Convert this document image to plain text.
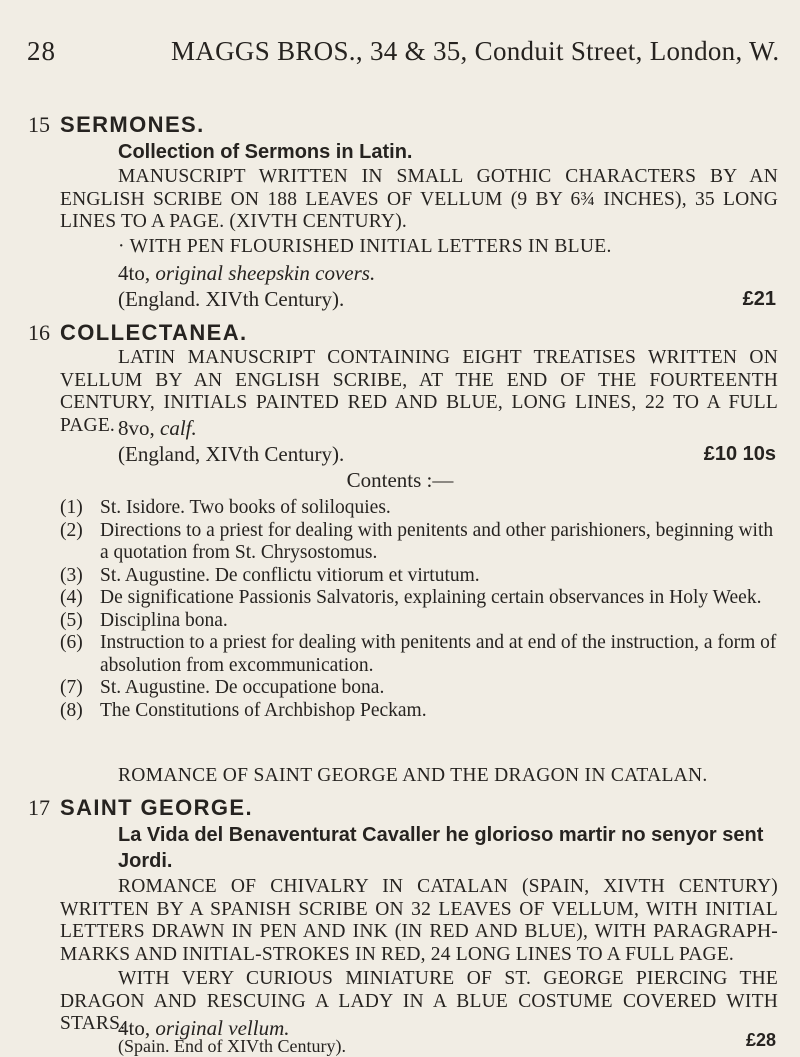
28	MAGGS BROS., 34 & 35, Conduit Street, London, W.
15 SERMONES.
Collection of Sermons in Latin.
MANUSCRIPT WRITTEN IN SMALL GOTHIC CHARACTERS BY AN ENGLISH SCRIBE ON 188 LEAVES OF VELLUM (9 BY 6¾ INCHES), 35 LONG LINES TO A PAGE. (XIVTH CENTURY).
· WITH PEN FLOURISHED INITIAL LETTERS IN BLUE.
4to, original sheepskin covers.
(England. XIVth Century).	£21
16 COLLECTANEA.
LATIN MANUSCRIPT CONTAINING EIGHT TREATISES WRITTEN ON VELLUM BY AN ENGLISH SCRIBE, AT THE END OF THE FOURTEENTH CENTURY, INITIALS PAINTED RED AND BLUE, LONG LINES, 22 TO A FULL PAGE. 8vo, calf.
(England, XIVth Century).	£10 10s
Contents :—

(1) St. Isidore. Two books of soliloquies.

(2) Directions to a priest for dealing with penitents and other parishioners, beginning with a quotation from St. Chrysostomus.

(3) St. Augustine. De conflictu vitiorum et virtutum.

(4) De significatione Passionis Salvatoris, explaining certain observances in Holy Week.

(5) Disciplina bona.

(6) Instruction to a priest for dealing with penitents and at end of the instruction, a form of absolution from excommunication.

(7) St. Augustine. De occupatione bona.

(8) The Constitutions of Archbishop Peckam.

ROMANCE OF SAINT GEORGE AND THE DRAGON IN CATALAN.
17 SAINT GEORGE.
La Vida del Benaventurat Cavaller he glorioso martir no senyor sent Jordi.
ROMANCE OF CHIVALRY IN CATALAN (SPAIN, XIVTH CENTURY) WRITTEN BY A SPANISH SCRIBE ON 32 LEAVES OF VELLUM, WITH INITIAL LETTERS DRAWN IN PEN AND INK (IN RED AND BLUE), WITH PARAGRAPH-MARKS AND INITIAL-STROKES IN RED, 24 LONG LINES TO A FULL PAGE.
WITH VERY CURIOUS MINIATURE OF ST. GEORGE PIERCING THE DRAGON AND RESCUING A LADY IN A BLUE COSTUME COVERED WITH STARS.
4to, original vellum.
(Spain. End of XIVth Century).	£28
